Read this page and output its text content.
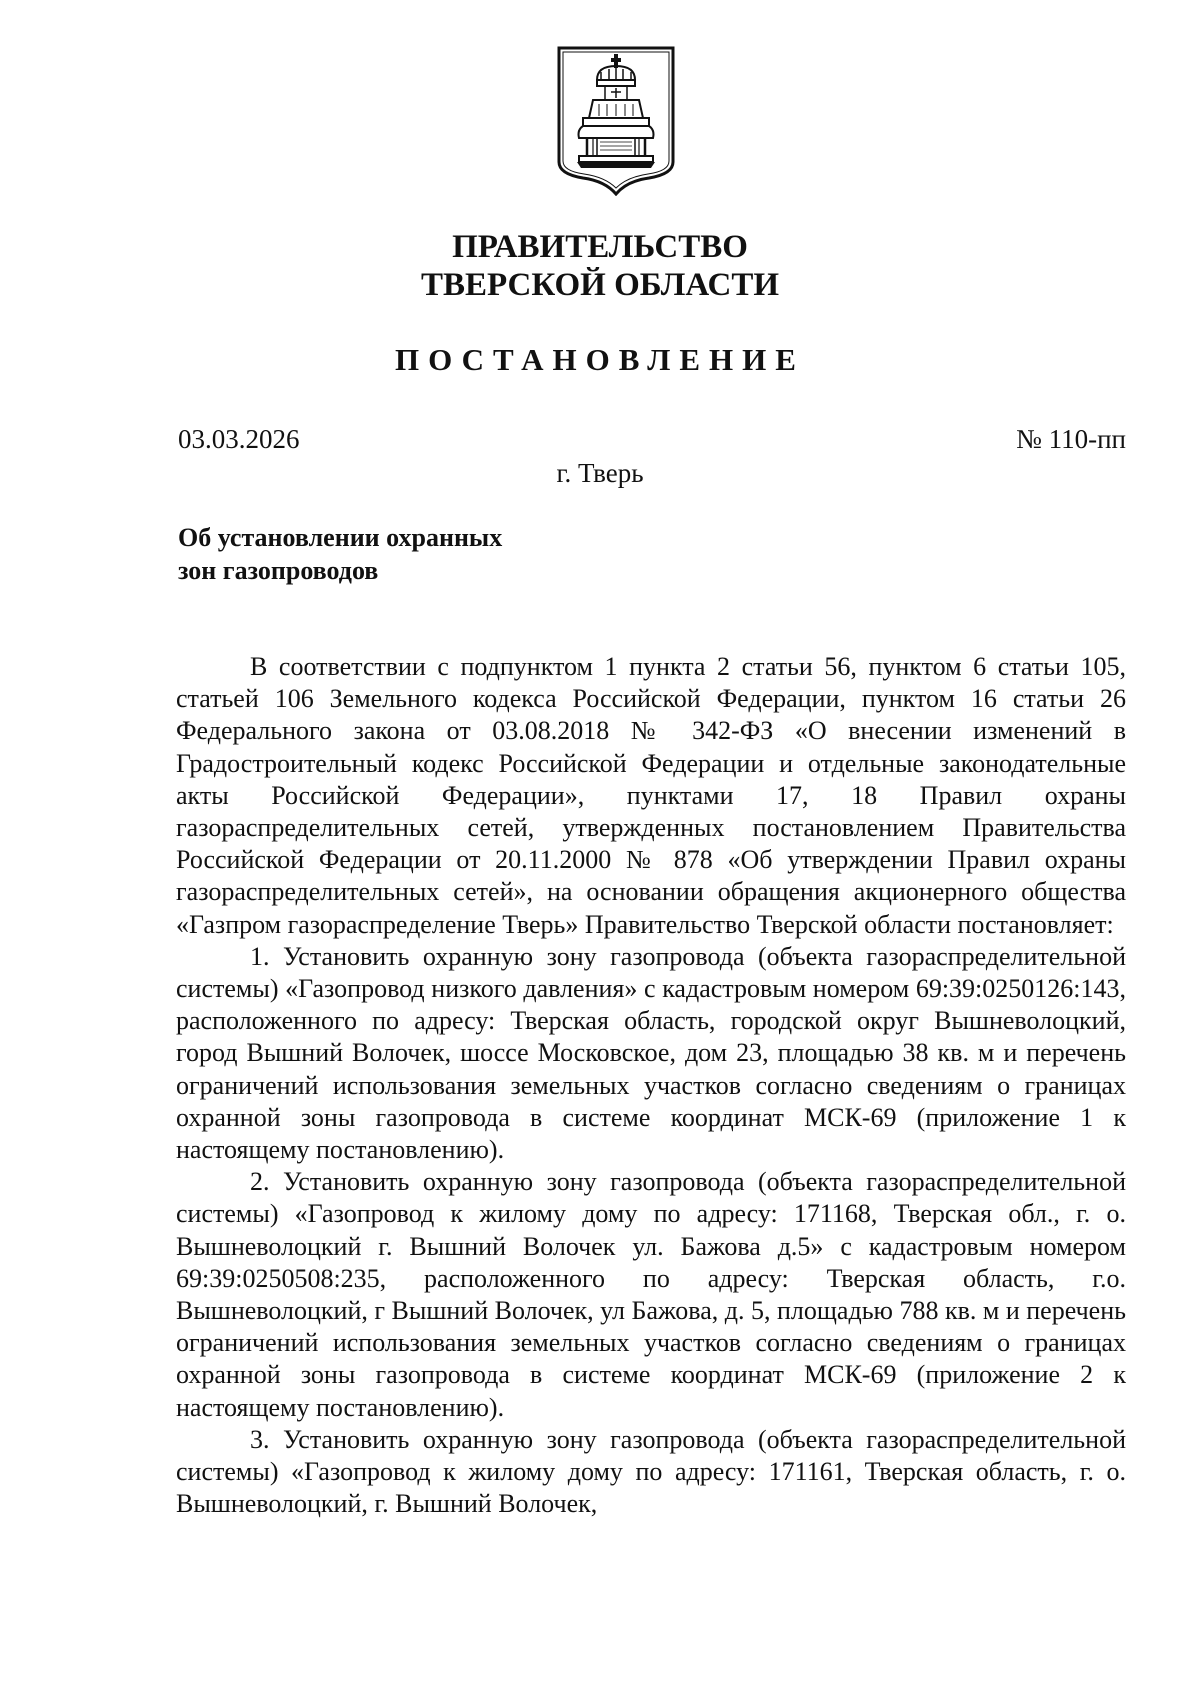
ПРАВИТЕЛЬСТВО
ТВЕРСКОЙ ОБЛАСТИ
ПОСТАНОВЛЕНИЕ
03.03.2026	№ 110-пп
г. Тверь
Об установлении охранных
зон газопроводов

В соответствии с подпунктом 1 пункта 2 статьи 56, пунктом 6 статьи 105, статьей 106 Земельного кодекса Российской Федерации, пунктом 16 статьи 26 Федерального закона от 03.08.2018 № 342-ФЗ «О внесении изменений в Градостроительный кодекс Российской Федерации и отдельные законодательные акты Российской Федерации», пунктами 17, 18 Правил охраны газораспределительных сетей, утвержденных постановлением Правительства Российской Федерации от 20.11.2000 № 878 «Об утверждении Правил охраны газораспределительных сетей», на основании обращения акционерного общества «Газпром газораспределение Тверь» Правительство Тверской области постановляет:

1. Установить охранную зону газопровода (объекта газораспределительной системы) «Газопровод низкого давления» с кадастровым номером 69:39:0250126:143, расположенного по адресу: Тверская область, городской округ Вышневолоцкий, город Вышний Волочек, шоссе Московское, дом 23, площадью 38 кв. м и перечень ограничений использования земельных участков согласно сведениям о границах охранной зоны газопровода в системе координат МСК-69 (приложение 1 к настоящему постановлению).

2. Установить охранную зону газопровода (объекта газораспределительной системы) «Газопровод к жилому дому по адресу: 171168, Тверская обл., г. о. Вышневолоцкий г. Вышний Волочек ул. Бажова д.5» с кадастровым номером 69:39:0250508:235, расположенного по адресу: Тверская область, г.о. Вышневолоцкий, г Вышний Волочек, ул Бажова, д. 5, площадью 788 кв. м и перечень ограничений использования земельных участков согласно сведениям о границах охранной зоны газопровода в системе координат МСК-69 (приложение 2 к настоящему постановлению).

3. Установить охранную зону газопровода (объекта газораспределительной системы) «Газопровод к жилому дому по адресу: 171161, Тверская область, г. о. Вышневолоцкий, г. Вышний Волочек,
